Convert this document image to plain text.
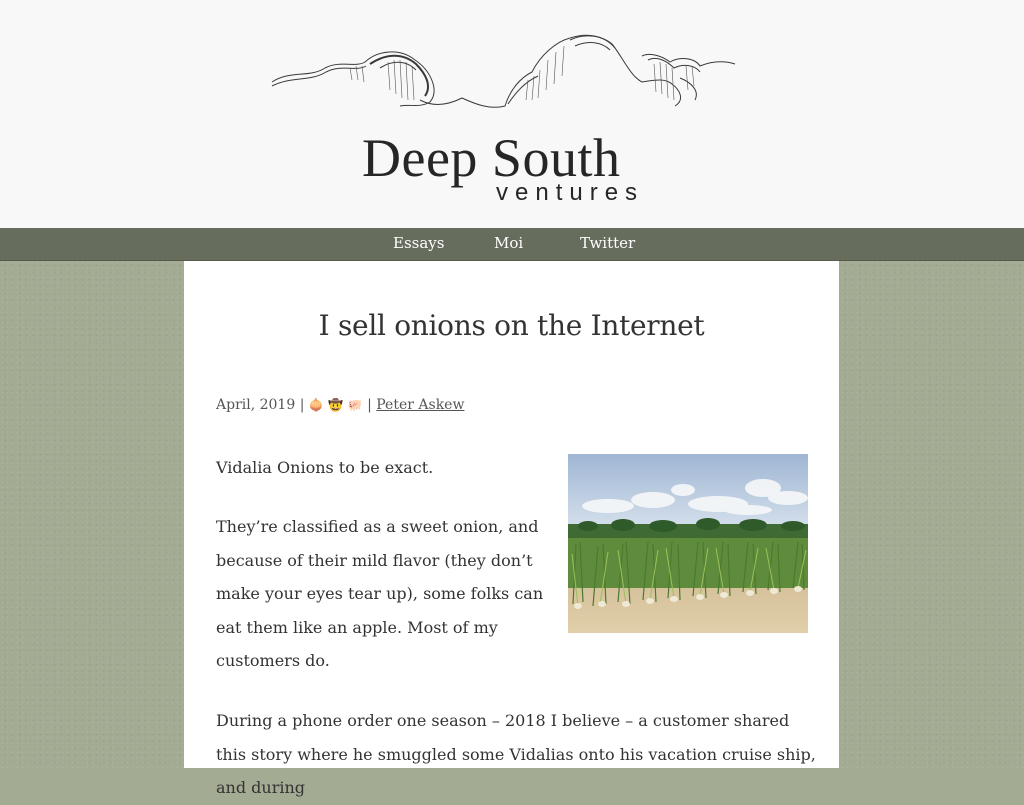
Deep South
ventures
Essays	Moi	Twitter
I sell onions on the Internet
April, 2019 | 🧅 🤠 🐖 | Peter Askew

Vidalia Onions to be exact.

They’re classified as a sweet onion, and because of their mild flavor (they don’t make your eyes tear up), some folks can eat them like an apple. Most of my customers do.

During a phone order one season – 2018 I believe – a customer shared this story where he smuggled some Vidalias onto his vacation cruise ship, and during
